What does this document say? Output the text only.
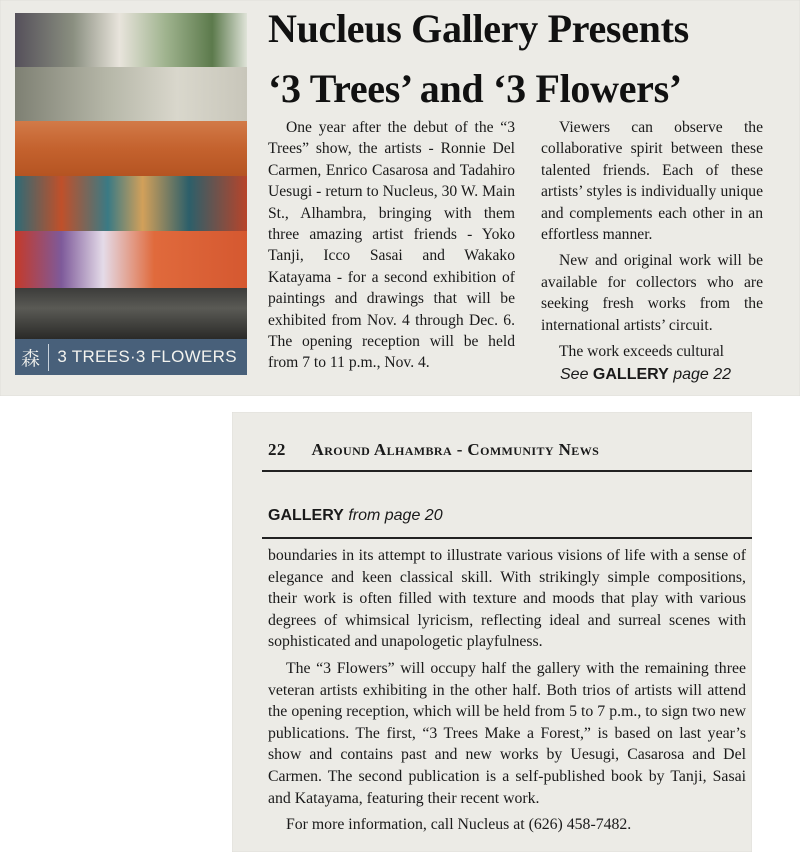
森	3 TREES·3 FLOWERS
Nucleus Gallery Presents
‘3 Trees’ and ‘3 Flowers’

One year after the debut of the “3 Trees” show, the artists - Ronnie Del Carmen, Enrico Casarosa and Tadahiro Uesugi - return to Nucleus, 30 W. Main St., Alhambra, bringing with them three amazing artist friends - Yoko Tanji, Icco Sasai and Wakako Katayama - for a second exhibition of paintings and drawings that will be exhibited from Nov. 4 through Dec. 6. The opening reception will be held from 7 to 11 p.m., Nov. 4.

Viewers can observe the collaborative spirit between these talented friends. Each of these artists’ styles is individually unique and complements each other in an effortless manner.

New and original work will be available for collectors who are seeking fresh works from the international artists’ circuit.

The work exceeds cultural

See GALLERY page 22
22 Around Alhambra - Community News
GALLERY from page 20

boundaries in its attempt to illustrate various visions of life with a sense of elegance and keen classical skill. With strikingly simple compositions, their work is often filled with texture and moods that play with various degrees of whimsical lyricism, reflecting ideal and surreal scenes with sophisticated and unapologetic playfulness.

The “3 Flowers” will occupy half the gallery with the remaining three veteran artists exhibiting in the other half. Both trios of artists will attend the opening reception, which will be held from 5 to 7 p.m., to sign two new publications. The first, “3 Trees Make a Forest,” is based on last year’s show and contains past and new works by Uesugi, Casarosa and Del Carmen. The second publication is a self-published book by Tanji, Sasai and Katayama, featuring their recent work.

For more information, call Nucleus at (626) 458-7482.
